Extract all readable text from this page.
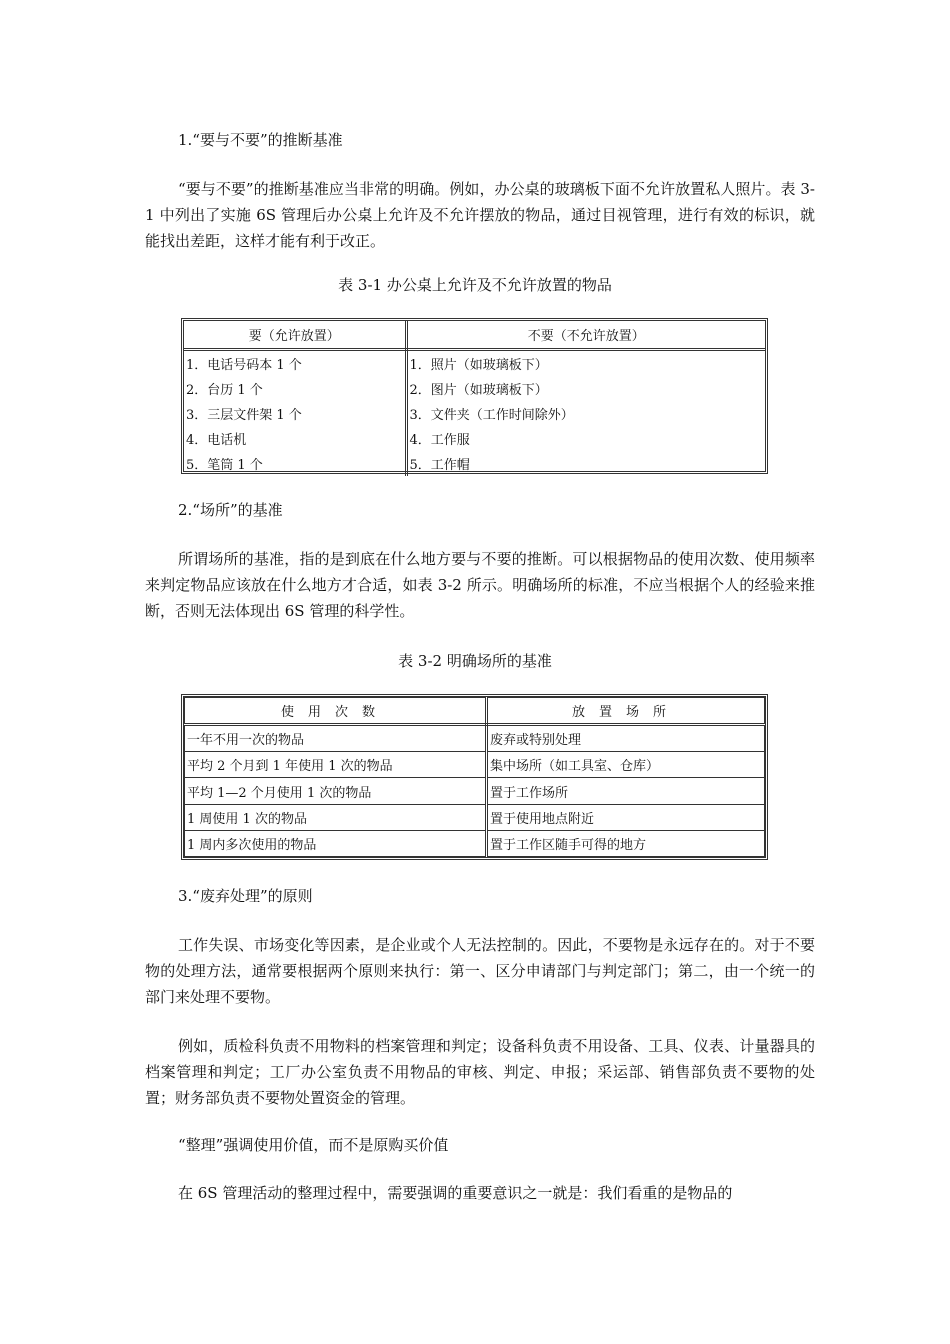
1.“要与不要”的推断基准
“要与不要”的推断基准应当非常的明确。例如，办公桌的玻璃板下面不允许放置私人照片。表 3-1 中列出了实施 6S 管理后办公桌上允许及不允许摆放的物品，通过目视管理，进行有效的标识，就能找出差距，这样才能有利于改正。
表 3-1 办公桌上允许及不允许放置的物品
要（允许放置）	不要（不允许放置）
1．电话号码本 1 个	1．照片（如玻璃板下）
2．台历 1 个	2．图片（如玻璃板下）
3．三层文件架 1 个	3．文件夹（工作时间除外）
4．电话机	4．工作服
5．笔筒 1 个	5．工作帽
2.“场所”的基准
所谓场所的基准，指的是到底在什么地方要与不要的推断。可以根据物品的使用次数、使用频率来判定物品应该放在什么地方才合适，如表 3-2 所示。明确场所的标准，不应当根据个人的经验来推断，否则无法体现出 6S 管理的科学性。
表 3-2 明确场所的基准
使用次数	放置场所
一年不用一次的物品	废弃或特别处理
平均 2 个月到 1 年使用 1 次的物品	集中场所（如工具室、仓库）
平均 1—2 个月使用 1 次的物品	置于工作场所
1 周使用 1 次的物品	置于使用地点附近
1 周内多次使用的物品	置于工作区随手可得的地方
3.“废弃处理”的原则
工作失误、市场变化等因素，是企业或个人无法控制的。因此，不要物是永远存在的。对于不要物的处理方法，通常要根据两个原则来执行：第一、区分申请部门与判定部门；第二，由一个统一的部门来处理不要物。
例如，质检科负责不用物料的档案管理和判定；设备科负责不用设备、工具、仪表、计量器具的档案管理和判定；工厂办公室负责不用物品的审核、判定、申报；采运部、销售部负责不要物的处置；财务部负责不要物处置资金的管理。
“整理”强调使用价值，而不是原购买价值
在 6S 管理活动的整理过程中，需要强调的重要意识之一就是：我们看重的是物品的
